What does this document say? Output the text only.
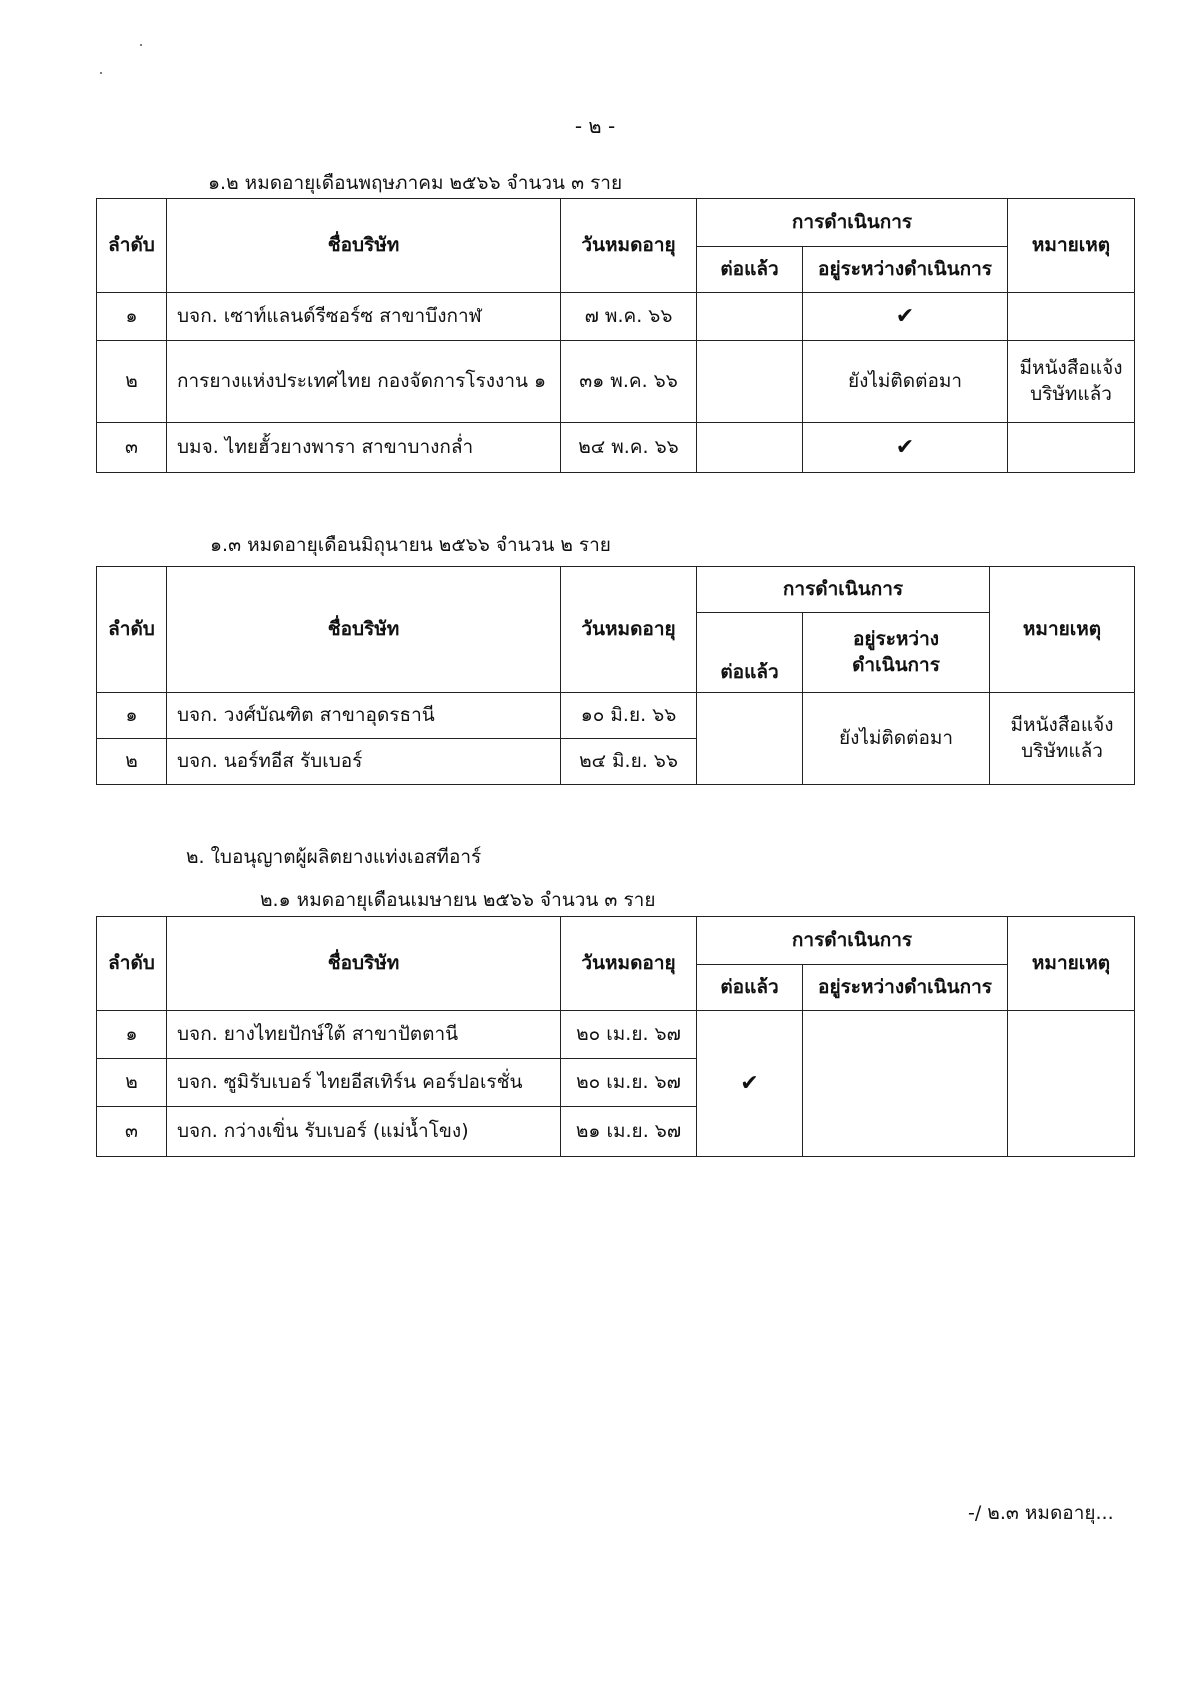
- ๒ -
๑.๒ หมดอายุเดือนพฤษภาคม ๒๕๖๖ จำนวน ๓ ราย
ลำดับ	ชื่อบริษัท	วันหมดอายุ	การดำเนินการ		หมายเหตุ
			ต่อแล้ว	อยู่ระหว่างดำเนินการ	
๑	บจก. เซาท์แลนด์รีซอร์ซ สาขาบึงกาฬ	๗ พ.ค. ๖๖		✔	
๒	การยางแห่งประเทศไทย กองจัดการโรงงาน ๑	๓๑ พ.ค. ๖๖		ยังไม่ติดต่อมา	มีหนังสือแจ้ง
บริษัทแล้ว

๓	บมจ. ไทยฮั้วยางพารา สาขาบางกล่ำ	๒๔ พ.ค. ๖๖		✔	
๑.๓ หมดอายุเดือนมิถุนายน ๒๕๖๖ จำนวน ๒ ราย
ลำดับ	ชื่อบริษัท	วันหมดอายุ	การดำเนินการ		หมายเหตุ
			ต่อแล้ว	อยู่ระหว่าง
ดำเนินการ	

๑	บจก. วงศ์บัณฑิต สาขาอุดรธานี	๑๐ มิ.ย. ๖๖		ยังไม่ติดต่อมา	มีหนังสือแจ้ง
บริษัทแล้ว

๒	บจก. นอร์ทอีส รับเบอร์	๒๔ มิ.ย. ๖๖			
๒. ใบอนุญาตผู้ผลิตยางแท่งเอสทีอาร์
๒.๑ หมดอายุเดือนเมษายน ๒๕๖๖ จำนวน ๓ ราย
ลำดับ	ชื่อบริษัท	วันหมดอายุ	การดำเนินการ		หมายเหตุ
			ต่อแล้ว	อยู่ระหว่างดำเนินการ	
๑	บจก. ยางไทยปักษ์ใต้ สาขาปัตตานี	๒๐ เม.ย. ๖๗	✔		
๒	บจก. ซูมิรับเบอร์ ไทยอีสเทิร์น คอร์ปอเรชั่น	๒๐ เม.ย. ๖๗			
๓	บจก. กว่างเขิ่น รับเบอร์ (แม่น้ำโขง)	๒๑ เม.ย. ๖๗			
-/ ๒.๓ หมดอายุ...
